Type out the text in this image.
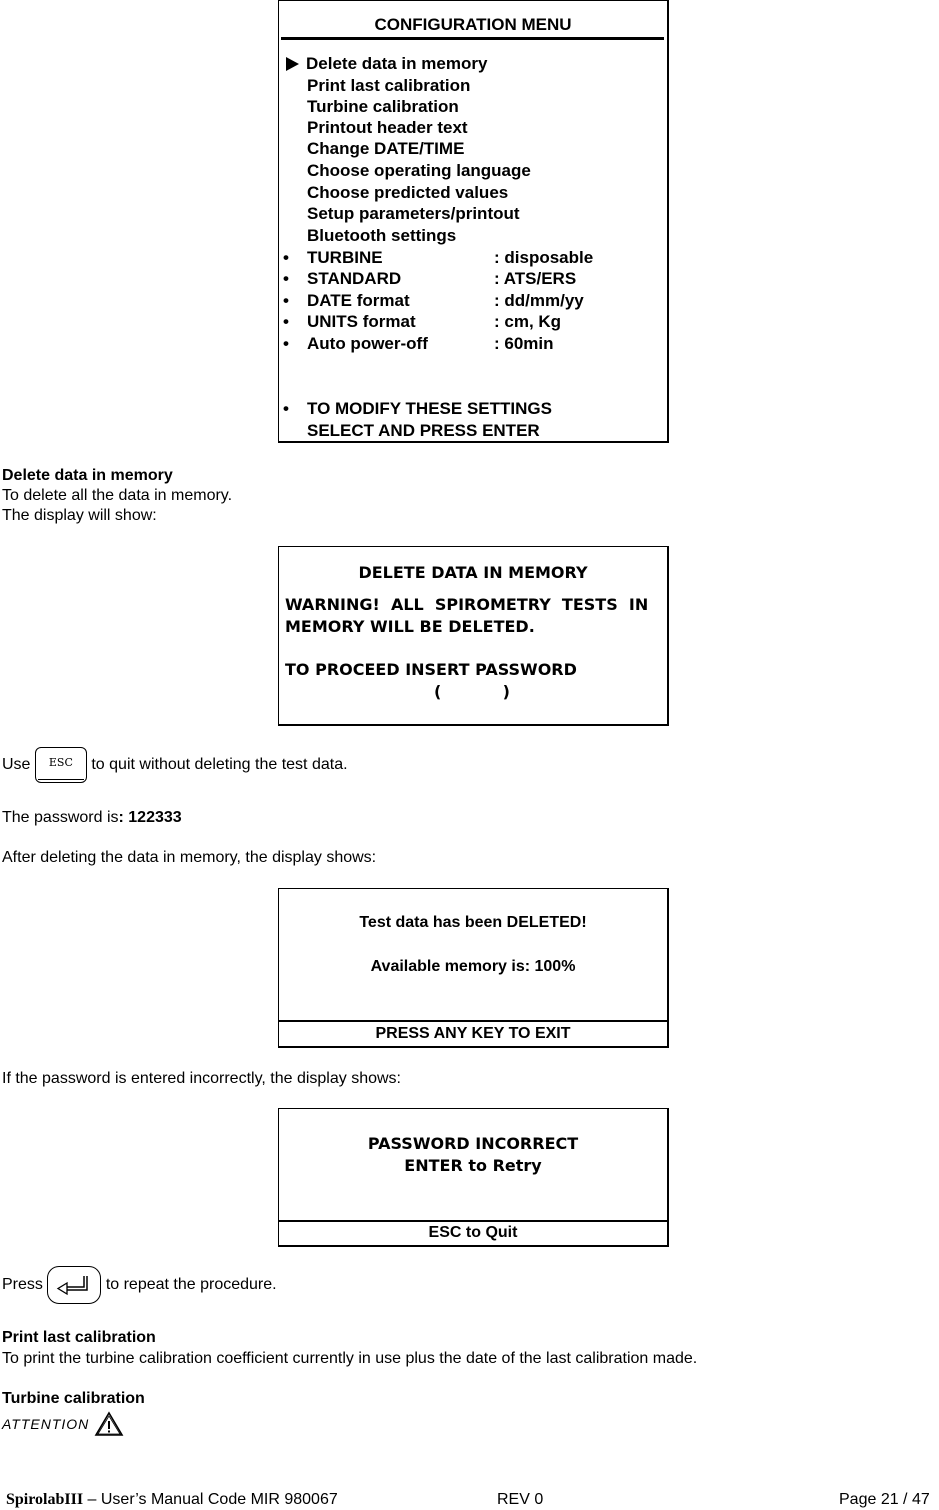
CONFIGURATION MENU
Delete data in memory
Print last calibration
Turbine calibration
Printout header text
Change DATE/TIME
Choose operating language
Choose predicted values
Setup parameters/printout
Bluetooth settings
• TURBINE	: disposable
• STANDARD	: ATS/ERS
• DATE format	: dd/mm/yy
• UNITS format	: cm, Kg
• Auto power-off	: 60min
• TO MODIFY THESE SETTINGS
SELECT AND PRESS ENTER
Delete data in memory
To delete all the data in memory.
The display will show:
DELETE DATA IN MEMORY
WARNING!  ALL  SPIROMETRY  TESTS  IN
MEMORY WILL BE DELETED.
TO PROCEED INSERT PASSWORD
(           )
Use ESC to quit without deleting the test data.
The password is: 122333
After deleting the data in memory, the display shows:
Test data has been DELETED!
Available memory is: 100%
PRESS ANY KEY TO EXIT
If the password is entered incorrectly, the display shows:
PASSWORD INCORRECT
ENTER to Retry
ESC to Quit
Press	to repeat the procedure.
Print last calibration
To print the turbine calibration coefficient currently in use plus the date of the last calibration made.
Turbine calibration
ATTENTION
SpirolabIII – User’s Manual Code MIR 980067	REV 0	Page 21 / 47
